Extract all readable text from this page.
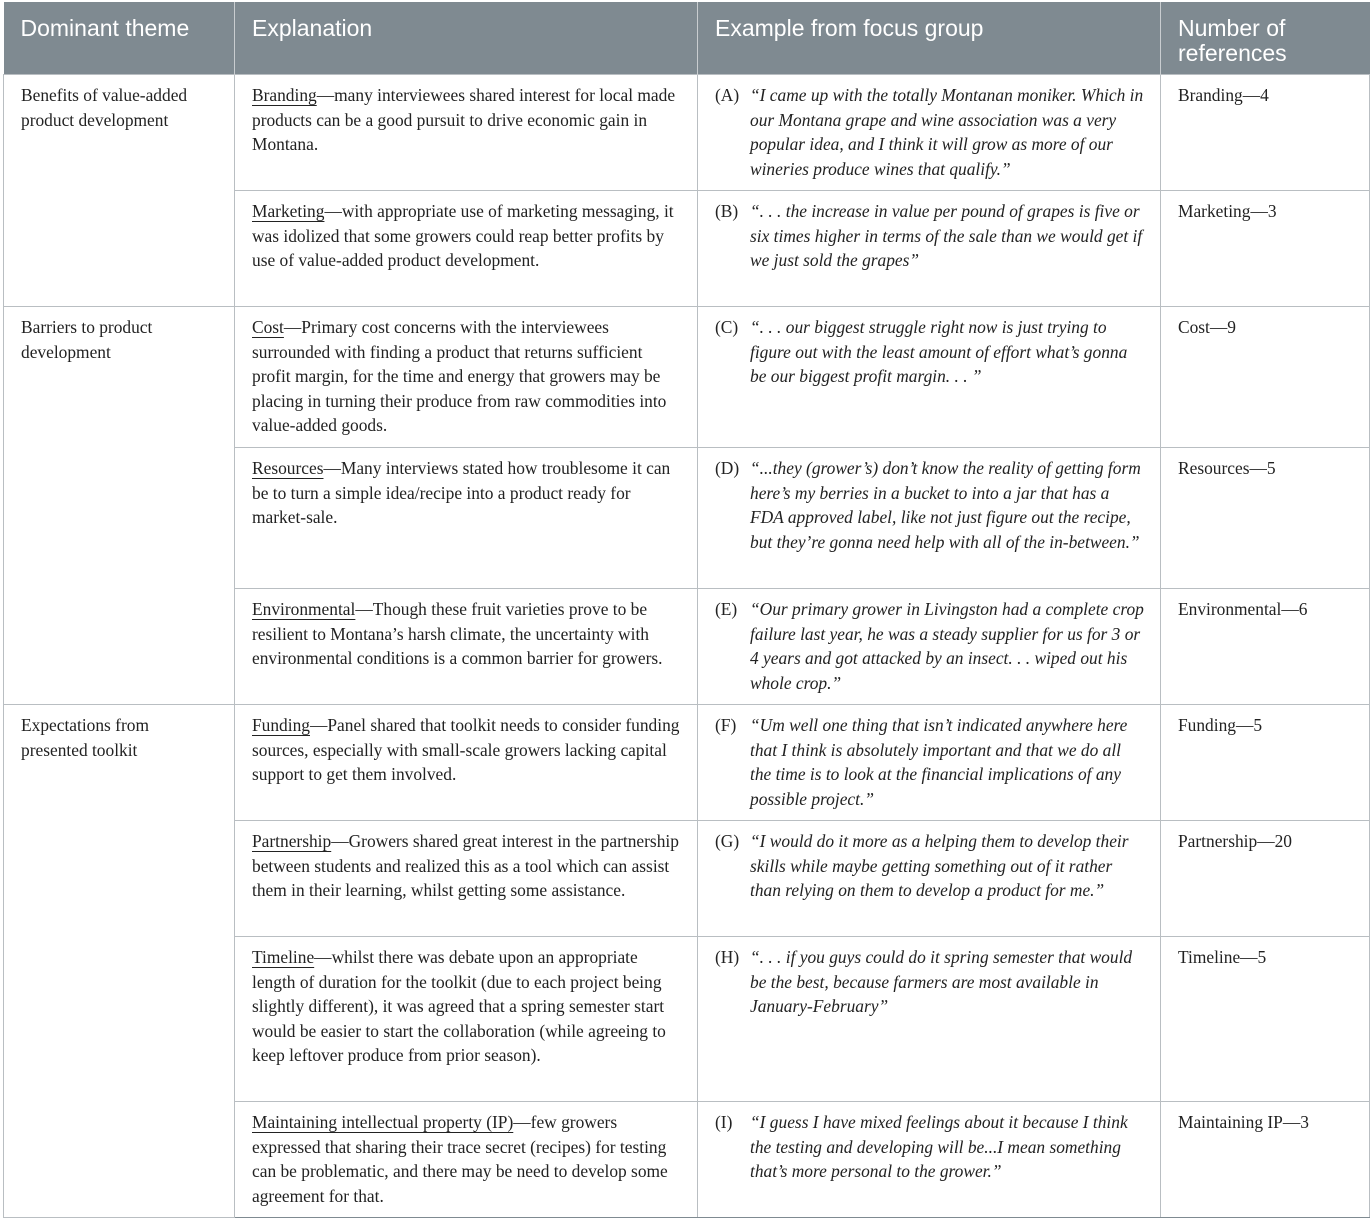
Dominant theme	Explanation	Example from focus group	Number of references
Benefits of value-added product development	Branding—many interviewees shared interest for local made products can be a good pursuit to drive economic gain in Montana.	(A) “I came up with the totally Montanan moniker. Which in our Montana grape and wine association was a very popular idea, and I think it will grow as more of our wineries produce wines that qualify.”	Branding—4
	Marketing—with appropriate use of marketing messaging, it was idolized that some growers could reap better profits by use of value-added product development.	(B) “. . . the increase in value per pound of grapes is five or six times higher in terms of the sale than we would get if we just sold the grapes”	Marketing—3
Barriers to product development	Cost—Primary cost concerns with the interviewees surrounded with finding a product that returns sufficient profit margin, for the time and energy that growers may be placing in turning their produce from raw commodities into value-added goods.	(C) “. . . our biggest struggle right now is just trying to figure out with the least amount of effort what’s gonna be our biggest profit margin. . . ”	Cost—9
	Resources—Many interviews stated how troublesome it can be to turn a simple idea/recipe into a product ready for market-sale.	(D) “...they (grower’s) don’t know the reality of getting form here’s my berries in a bucket to into a jar that has a FDA approved label, like not just figure out the recipe, but they’re gonna need help with all of the in-between.”	Resources—5
	Environmental—Though these fruit varieties prove to be resilient to Montana’s harsh climate, the uncertainty with environmental conditions is a common barrier for growers.	(E) “Our primary grower in Livingston had a complete crop failure last year, he was a steady supplier for us for 3 or 4 years and got attacked by an insect. . . wiped out his whole crop.”	Environmental—6
Expectations from presented toolkit	Funding—Panel shared that toolkit needs to consider funding sources, especially with small-scale growers lacking capital support to get them involved.	(F) “Um well one thing that isn’t indicated anywhere here that I think is absolutely important and that we do all the time is to look at the financial implications of any possible project.”	Funding—5
	Partnership—Growers shared great interest in the partnership between students and realized this as a tool which can assist them in their learning, whilst getting some assistance.	(G) “I would do it more as a helping them to develop their skills while maybe getting something out of it rather than relying on them to develop a product for me.”	Partnership—20
	Timeline—whilst there was debate upon an appropriate length of duration for the toolkit (due to each project being slightly different), it was agreed that a spring semester start would be easier to start the collaboration (while agreeing to keep leftover produce from prior season).	(H) “. . . if you guys could do it spring semester that would be the best, because farmers are most available in January-February”	Timeline—5
	Maintaining intellectual property (IP)—few growers expressed that sharing their trace secret (recipes) for testing can be problematic, and there may be need to develop some agreement for that.	(I) “I guess I have mixed feelings about it because I think the testing and developing will be...I mean something that’s more personal to the grower.”	Maintaining IP—3
